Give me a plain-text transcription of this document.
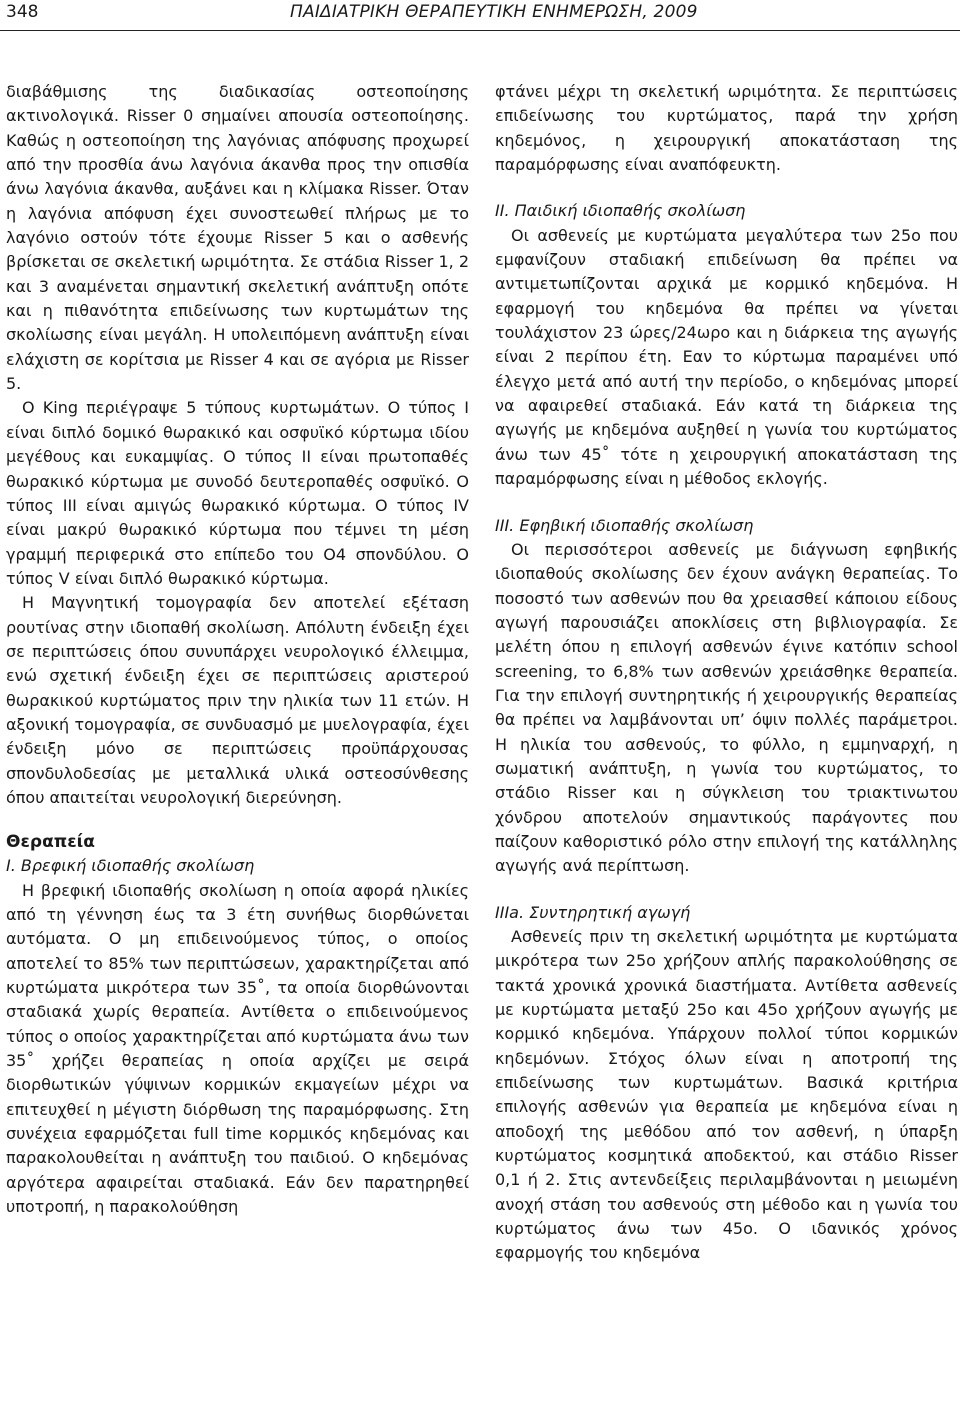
348	ΠΑΙΔΙΑΤΡΙΚΗ ΘΕΡΑΠΕΥΤΙΚΗ ΕΝΗΜΕΡΩΣΗ, 2009

διαβάθμισης της διαδικασίας οστεοποίησης ακτινολογικά. Risser 0 σημαίνει απουσία οστεοποίησης. Καθώς η οστεοποίηση της λαγόνιας απόφυσης προχωρεί από την προσθία άνω λαγόνια άκανθα προς την οπισθία άνω λαγόνια άκανθα, αυξάνει και η κλίμακα Risser. Όταν η λαγόνια απόφυση έχει συνοστεωθεί πλήρως με το λαγόνιο οστούν τότε έχουμε Risser 5 και ο ασθενής βρίσκεται σε σκελετική ωριμότητα. Σε στάδια Risser 1, 2 και 3 αναμένεται σημαντική σκελετική ανάπτυξη οπότε και η πιθανότητα επιδείνωσης των κυρτωμάτων της σκολίωσης είναι μεγάλη. Η υπολειπόμενη ανάπτυξη είναι ελάχιστη σε κορίτσια με Risser 4 και σε αγόρια με Risser 5.

Ο King περιέγραψε 5 τύπους κυρτωμάτων. Ο τύπος I είναι διπλό δομικό θωρακικό και οσφυϊκό κύρτωμα ιδίου μεγέθους και ευκαμψίας. Ο τύπος II είναι πρωτοπαθές θωρακικό κύρτωμα με συνοδό δευτεροπαθές οσφυϊκό. Ο τύπος III είναι αμιγώς θωρακικό κύρτωμα. Ο τύπος IV είναι μακρύ θωρακικό κύρτωμα που τέμνει τη μέση γραμμή περιφερικά στο επίπεδο του Ο4 σπονδύλου. Ο τύπος V είναι διπλό θωρακικό κύρτωμα.

Η Μαγνητική τομογραφία δεν αποτελεί εξέταση ρουτίνας στην ιδιοπαθή σκολίωση. Απόλυτη ένδειξη έχει σε περιπτώσεις όπου συνυπάρχει νευρολογικό έλλειμμα, ενώ σχετική ένδειξη έχει σε περιπτώσεις αριστερού θωρακικού κυρτώματος πριν την ηλικία των 11 ετών. Η αξονική τομογραφία, σε συνδυασμό με μυελογραφία, έχει ένδειξη μόνο σε περιπτώσεις προϋπάρχουσας σπονδυλοδεσίας με μεταλλικά υλικά οστεοσύνθεσης όπου απαιτείται νευρολογική διερεύνηση.

Θεραπεία
I. Βρεφική ιδιοπαθής σκολίωση

Η βρεφική ιδιοπαθής σκολίωση η οποία αφορά ηλικίες από τη γέννηση έως τα 3 έτη συνήθως διορθώνεται αυτόματα. Ο μη επιδεινούμενος τύπος, ο οποίος αποτελεί το 85% των περιπτώσεων, χαρακτηρίζεται από κυρτώματα μικρότερα των 35˚, τα οποία διορθώνονται σταδιακά χωρίς θεραπεία. Αντίθετα ο επιδεινούμενος τύπος ο οποίος χαρακτηρίζεται από κυρτώματα άνω των 35˚ χρήζει θεραπείας η οποία αρχίζει με σειρά διορθωτικών γύψινων κορμικών εκμαγείων μέχρι να επιτευχθεί η μέγιστη διόρθωση της παραμόρφωσης. Στη συνέχεια εφαρμόζεται full time κορμικός κηδεμόνας και παρακολουθείται η ανάπτυξη του παιδιού. Ο κηδεμόνας αργότερα αφαιρείται σταδιακά. Εάν δεν παρατηρηθεί υποτροπή, η παρακολούθηση

φτάνει μέχρι τη σκελετική ωριμότητα. Σε περιπτώσεις επιδείνωσης του κυρτώματος, παρά την χρήση κηδεμόνος, η χειρουργική αποκατάσταση της παραμόρφωσης είναι αναπόφευκτη.

II. Παιδική ιδιοπαθής σκολίωση

Οι ασθενείς με κυρτώματα μεγαλύτερα των 25ο που εμφανίζουν σταδιακή επιδείνωση θα πρέπει να αντιμετωπίζονται αρχικά με κορμικό κηδεμόνα. Η εφαρμογή του κηδεμόνα θα πρέπει να γίνεται τουλάχιστον 23 ώρες/24ωρο και η διάρκεια της αγωγής είναι 2 περίπου έτη. Εαν το κύρτωμα παραμένει υπό έλεγχο μετά από αυτή την περίοδο, ο κηδεμόνας μπορεί να αφαιρεθεί σταδιακά. Εάν κατά τη διάρκεια της αγωγής με κηδεμόνα αυξηθεί η γωνία του κυρτώματος άνω των 45˚ τότε η χειρουργική αποκατάσταση της παραμόρφωσης είναι η μέθοδος εκλογής.

III. Εφηβική ιδιοπαθής σκολίωση

Οι περισσότεροι ασθενείς με διάγνωση εφηβικής ιδιοπαθούς σκολίωσης δεν έχουν ανάγκη θεραπείας. Το ποσοστό των ασθενών που θα χρειασθεί κάποιου είδους αγωγή παρουσιάζει αποκλίσεις στη βιβλιογραφία. Σε μελέτη όπου η επιλογή ασθενών έγινε κατόπιν school screening, το 6,8% των ασθενών χρειάσθηκε θεραπεία. Για την επιλογή συντηρητικής ή χειρουργικής θεραπείας θα πρέπει να λαμβάνονται υπ’ όψιν πολλές παράμετροι. Η ηλικία του ασθενούς, το φύλλο, η εμμηναρχή, η σωματική ανάπτυξη, η γωνία του κυρτώματος, το στάδιο Risser και η σύγκλειση του τριακτινωτου χόνδρου αποτελούν σημαντικούς παράγοντες που παίζουν καθοριστικό ρόλο στην επιλογή της κατάλληλης αγωγής ανά περίπτωση.

IIIa. Συντηρητική αγωγή

Ασθενείς πριν τη σκελετική ωριμότητα με κυρτώματα μικρότερα των 25ο χρήζουν απλής παρακολούθησης σε τακτά χρονικά χρονικά διαστήματα. Αντίθετα ασθενείς με κυρτώματα μεταξύ 25ο και 45ο χρήζουν αγωγής με κορμικό κηδεμόνα. Υπάρχουν πολλοί τύποι κορμικών κηδεμόνων. Στόχος όλων είναι η αποτροπή της επιδείνωσης των κυρτωμάτων. Βασικά κριτήρια επιλογής ασθενών για θεραπεία με κηδεμόνα είναι η αποδοχή της μεθόδου από τον ασθενή, η ύπαρξη κυρτώματος κοσμητικά αποδεκτού, και στάδιο Risser 0,1 ή 2. Στις αντενδείξεις περιλαμβάνονται η μειωμένη ανοχή στάση του ασθενούς στη μέθοδο και η γωνία του κυρτώματος άνω των 45ο. Ο ιδανικός χρόνος εφαρμογής του κηδεμόνα
